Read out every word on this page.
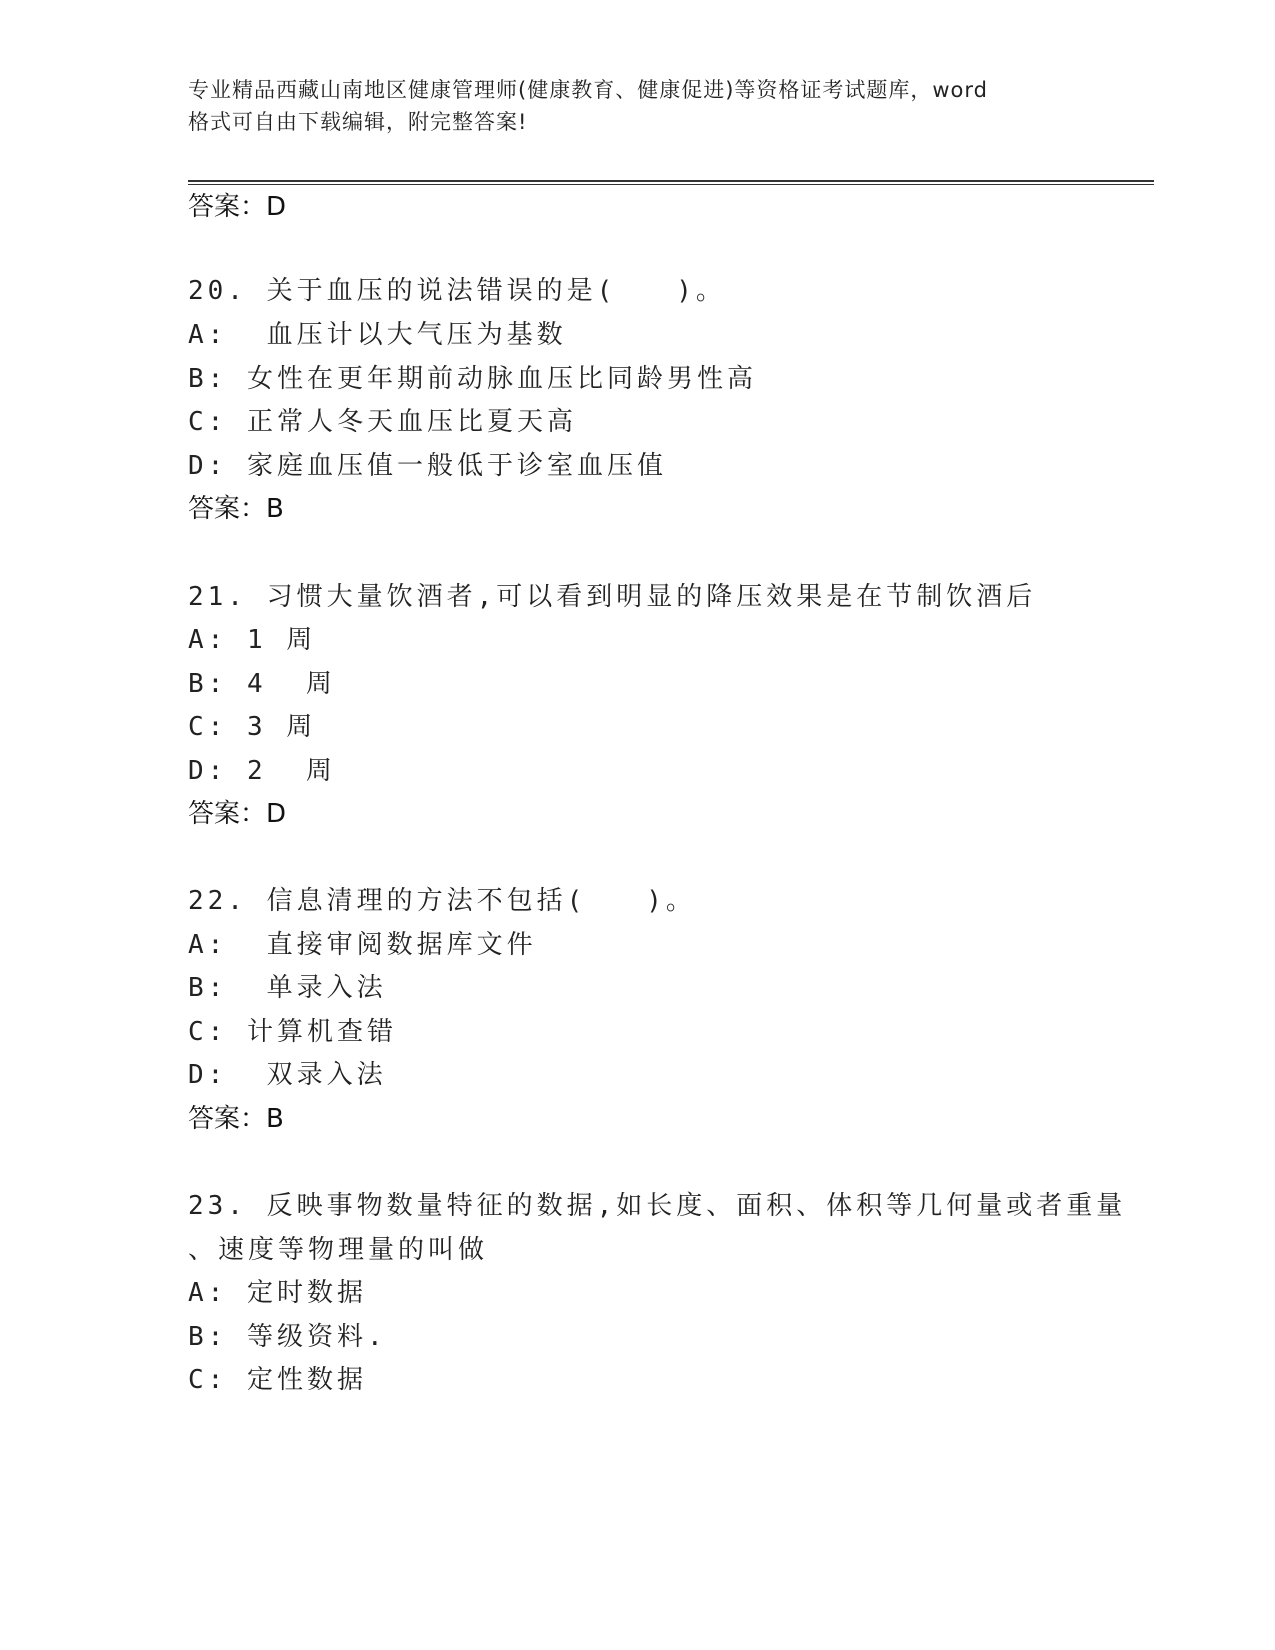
专业精品西藏山南地区健康管理师(健康教育、健康促进)等资格证考试题库，word
格式可自由下载编辑，附完整答案!
答案：D
20. 关于血压的说法错误的是(　　)。
A:  血压计以大气压为基数
B: 女性在更年期前动脉血压比同龄男性高
C: 正常人冬天血压比夏天高
D: 家庭血压值一般低于诊室血压值
答案：B
21. 习惯大量饮酒者,可以看到明显的降压效果是在节制饮酒后
A: 1 周
B: 4  周
C: 3 周
D: 2  周
答案：D
22. 信息清理的方法不包括(　　)。
A:  直接审阅数据库文件
B:  单录入法
C: 计算机查错
D:  双录入法
答案：B
23. 反映事物数量特征的数据,如长度、面积、体积等几何量或者重量
、速度等物理量的叫做
A: 定时数据
B: 等级资料.
C: 定性数据
